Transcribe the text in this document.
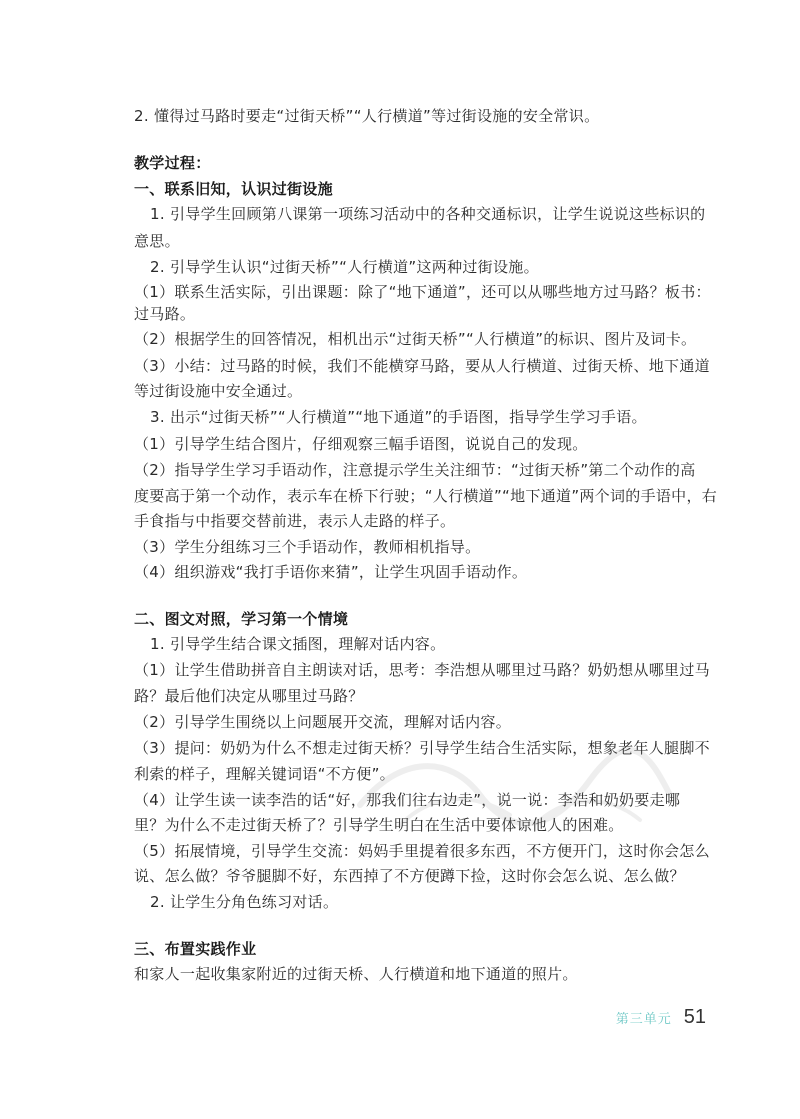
2. 懂得过马路时要走“过街天桥”“人行横道”等过街设施的安全常识。
教学过程：
一、联系旧知，认识过街设施
1. 引导学生回顾第八课第一项练习活动中的各种交通标识，让学生说说这些标识的
意思。
2. 引导学生认识“过街天桥”“人行横道”这两种过街设施。
（1）联系生活实际，引出课题：除了“地下通道”，还可以从哪些地方过马路？板书：
过马路。
（2）根据学生的回答情况，相机出示“过街天桥”“人行横道”的标识、图片及词卡。
（3）小结：过马路的时候，我们不能横穿马路，要从人行横道、过街天桥、地下通道
等过街设施中安全通过。
3. 出示“过街天桥”“人行横道”“地下通道”的手语图，指导学生学习手语。
（1）引导学生结合图片，仔细观察三幅手语图，说说自己的发现。
（2）指导学生学习手语动作，注意提示学生关注细节：“过街天桥”第二个动作的高
度要高于第一个动作，表示车在桥下行驶；“人行横道”“地下通道”两个词的手语中，右
手食指与中指要交替前进，表示人走路的样子。
（3）学生分组练习三个手语动作，教师相机指导。
（4）组织游戏“我打手语你来猜”，让学生巩固手语动作。
二、图文对照，学习第一个情境
1. 引导学生结合课文插图，理解对话内容。
（1）让学生借助拼音自主朗读对话，思考：李浩想从哪里过马路？奶奶想从哪里过马
路？最后他们决定从哪里过马路？
（2）引导学生围绕以上问题展开交流，理解对话内容。
（3）提问：奶奶为什么不想走过街天桥？引导学生结合生活实际，想象老年人腿脚不
利索的样子，理解关键词语“不方便”。
（4）让学生读一读李浩的话“好，那我们往右边走”，说一说：李浩和奶奶要走哪
里？为什么不走过街天桥了？引导学生明白在生活中要体谅他人的困难。
（5）拓展情境，引导学生交流：妈妈手里提着很多东西，不方便开门，这时你会怎么
说、怎么做？爷爷腿脚不好，东西掉了不方便蹲下捡，这时你会怎么说、怎么做？
2. 让学生分角色练习对话。
三、布置实践作业
和家人一起收集家附近的过街天桥、人行横道和地下通道的照片。
第三单元 51
